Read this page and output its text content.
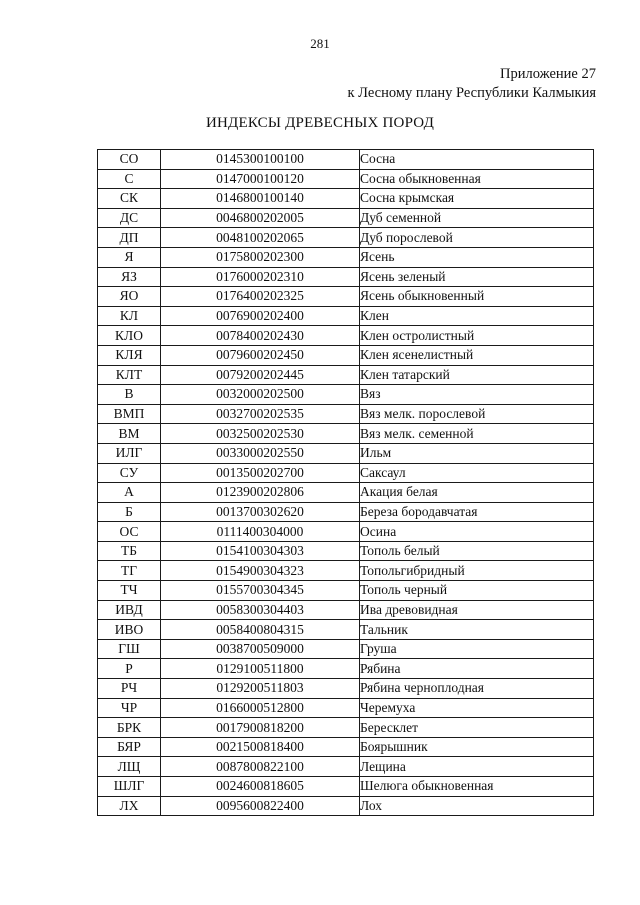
281
Приложение 27
к Лесному плану Республики Калмыкия
ИНДЕКСЫ ДРЕВЕСНЫХ ПОРОД
СО	0145300100100	Сосна
С	0147000100120	Сосна обыкновенная
СК	0146800100140	Сосна крымская
ДС	0046800202005	Дуб семенной
ДП	0048100202065	Дуб порослевой
Я	0175800202300	Ясень
ЯЗ	0176000202310	Ясень зеленый
ЯО	0176400202325	Ясень обыкновенный
КЛ	0076900202400	Клен
КЛО	0078400202430	Клен остролистный
КЛЯ	0079600202450	Клен ясенелистный
КЛТ	0079200202445	Клен татарский
В	0032000202500	Вяз
ВМП	0032700202535	Вяз мелк. порослевой
ВМ	0032500202530	Вяз мелк. семенной
ИЛГ	0033000202550	Ильм
СУ	0013500202700	Саксаул
А	0123900202806	Акация белая
Б	0013700302620	Береза бородавчатая
ОС	0111400304000	Осина
ТБ	0154100304303	Тополь белый
ТГ	0154900304323	Топольгибридный
ТЧ	0155700304345	Тополь черный
ИВД	0058300304403	Ива древовидная
ИВО	0058400804315	Тальник
ГШ	0038700509000	Груша
Р	0129100511800	Рябина
РЧ	0129200511803	Рябина черноплодная
ЧР	0166000512800	Черемуха
БРК	0017900818200	Бересклет
БЯР	0021500818400	Боярышник
ЛЩ	0087800822100	Лещина
ШЛГ	0024600818605	Шелюга обыкновенная
ЛХ	0095600822400	Лох
